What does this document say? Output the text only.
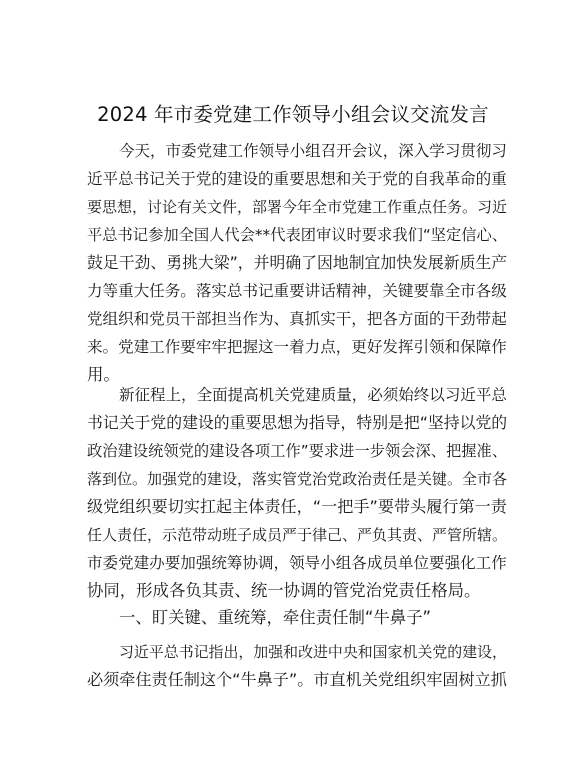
2024 年市委党建工作领导小组会议交流发言
今天，市委党建工作领导小组召开会议，深入学习贯彻习
近平总书记关于党的建设的重要思想和关于党的自我革命的重
要思想，讨论有关文件，部署今年全市党建工作重点任务。习近
平总书记参加全国人代会**代表团审议时要求我们“坚定信心、
鼓足干劲、勇挑大梁”，并明确了因地制宜加快发展新质生产
力等重大任务。落实总书记重要讲话精神，关键要靠全市各级
党组织和党员干部担当作为、真抓实干，把各方面的干劲带起
来。党建工作要牢牢把握这一着力点，更好发挥引领和保障作
用。
新征程上，全面提高机关党建质量，必须始终以习近平总
书记关于党的建设的重要思想为指导，特别是把“坚持以党的
政治建设统领党的建设各项工作”要求进一步领会深、把握准、
落到位。加强党的建设，落实管党治党政治责任是关键。全市各
级党组织要切实扛起主体责任，“一把手”要带头履行第一责
任人责任，示范带动班子成员严于律己、严负其责、严管所辖。
市委党建办要加强统筹协调，领导小组各成员单位要强化工作
协同，形成各负其责、统一协调的管党治党责任格局。
一、盯关键、重统筹，牵住责任制“牛鼻子”
习近平总书记指出，加强和改进中央和国家机关党的建设，
必须牵住责任制这个“牛鼻子”。市直机关党组织牢固树立抓
